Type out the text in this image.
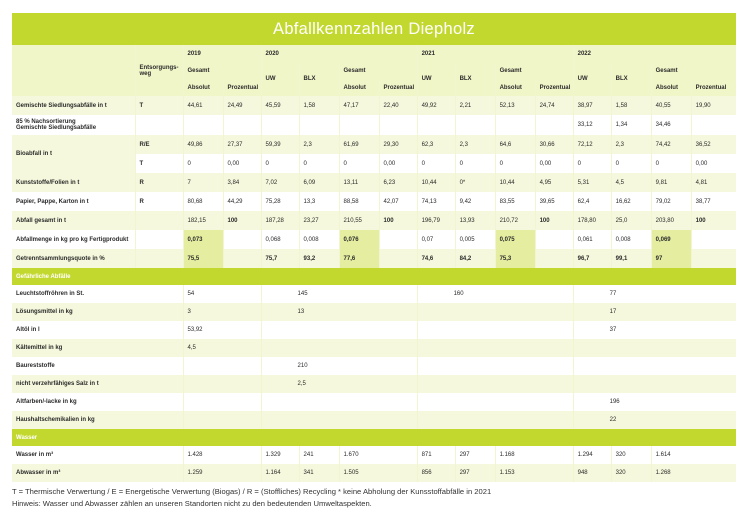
Abfallkennzahlen Diepholz
	Entsorgungs-
weg	2019		2020				2021				2022			
		Gesamt		UW	BLX	Gesamt		UW	BLX	Gesamt		UW	BLX	Gesamt	
		Absolut	Prozentual			Absolut	Prozentual			Absolut	Prozentual			Absolut	Prozentual
Gemischte Siedlungsabfälle in t	T	44,61	24,49	45,59	1,58	47,17	22,40	49,92	2,21	52,13	24,74	38,97	1,58	40,55	19,90
85 % Nachsortierung
Gemischte Siedlungsabfälle												33,12	1,34	34,46	
Bioabfall in t	R/E	49,86	27,37	59,39	2,3	61,69	29,30	62,3	2,3	64,6	30,66	72,12	2,3	74,42	36,52
	T	0	0,00	0	0	0	0,00	0	0	0	0,00	0	0	0	0,00
Kunststoffe/Folien in t	R	7	3,84	7,02	6,09	13,11	6,23	10,44	0*	10,44	4,95	5,31	4,5	9,81	4,81
Papier, Pappe, Karton in t	R	80,68	44,29	75,28	13,3	88,58	42,07	74,13	9,42	83,55	39,65	62,4	16,62	79,02	38,77
Abfall gesamt in t		182,15	100	187,28	23,27	210,55	100	196,79	13,93	210,72	100	178,80	25,0	203,80	100
Abfallmenge in kg pro kg Fertigprodukt		0,073		0,068	0,008	0,076		0,07	0,005	0,075		0,061	0,008	0,069	
Getrenntsammlungsquote in %		75,5		75,7	93,2	77,6		74,6	84,2	75,3		96,7	99,1	97	
Gefährliche Abfälle															
Leuchtstoffröhren in St.		54		145				160				77			
Lösungsmittel in kg		3		13								17			
Altöl in l		53,92										37			
Kältemittel in kg		4,5													
Baureststoffe				210											
nicht verzehrfähiges Salz in t				2,5											
Altfarben/-lacke in kg												196			
Haushaltschemikalien in kg												22			
Wasser															
Wasser in m³		1.428		1.329	241	1.670		871	297	1.168		1.294	320	1.614	
Abwasser in m³		1.259		1.164	341	1.505		856	297	1.153		948	320	1.268	
T = Thermische Verwertung / E = Energetische Verwertung (Biogas) / R = (Stoffliches) Recycling * keine Abholung der Kunsstoffabfälle in 2021
Hinweis: Wasser und Abwasser zählen an unseren Standorten nicht zu den bedeutenden Umweltaspekten.
